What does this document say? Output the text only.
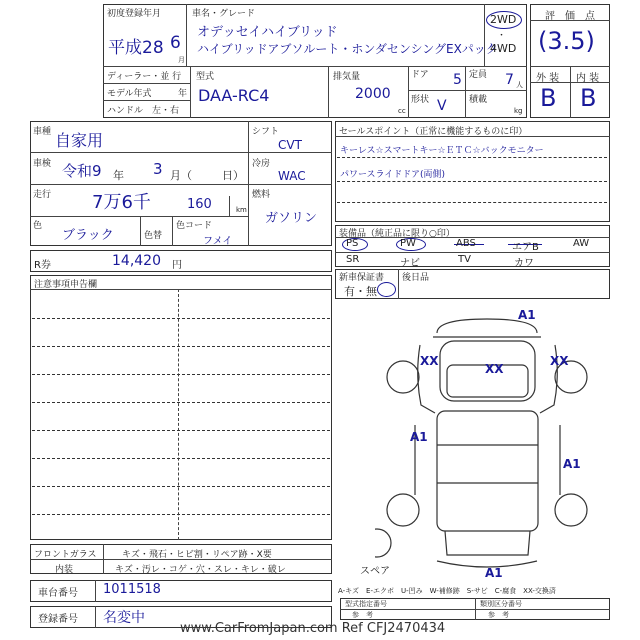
初度登録年月
平成28 6
月
車名・グレード
オデッセイハイブリッド
ハイブリッドアブソルート・ホンダセンシングEXパック
2WD
・
4WD
ディーラー・並 行
モデル年式	年
ハンドル　左・右
型式
DAA-RC4
排気量
2000
cc
ドア 5 定員 7 人
形状 V 積載
kg
評　価　点
(3.5)
外 装 内 装
B B
車種 自家用
車検 令和9 年 3 月（	日）
走行 7万6千	160	km
色
ブラック	色替
色コード
フメイ
シフト
CVT
冷房
WAC
燃料
ガソリン
セールスポイント（正常に機能するものに印）
キーレス☆スマートキー☆ＥＴＣ☆バックモニター
パワースライドドア(両側)
装備品（純正品に限り○印）
PS	PW	ABS	エアB	AW
SR	ナビ	TV	カワ
新車保証書
有・無
後日品
R券	14,420 円
注意事項申告欄
A1
XX
XX
XX
A1
A1
A1
スペア
フロントガラス	キズ・飛石・ヒビ割・リペア跡・X要
内装	キズ・汚レ・コゲ・穴・スレ・キレ・破レ
A-キズ　E-エクボ　U-凹み　W-補修跡　S-サビ　C-腐食　XX-交換済
車台番号 1011518
登録番号 名変中
型式指定番号	類別区分番号
参　考	参　考
www.CarFromJapan.com Ref CFJ2470434
